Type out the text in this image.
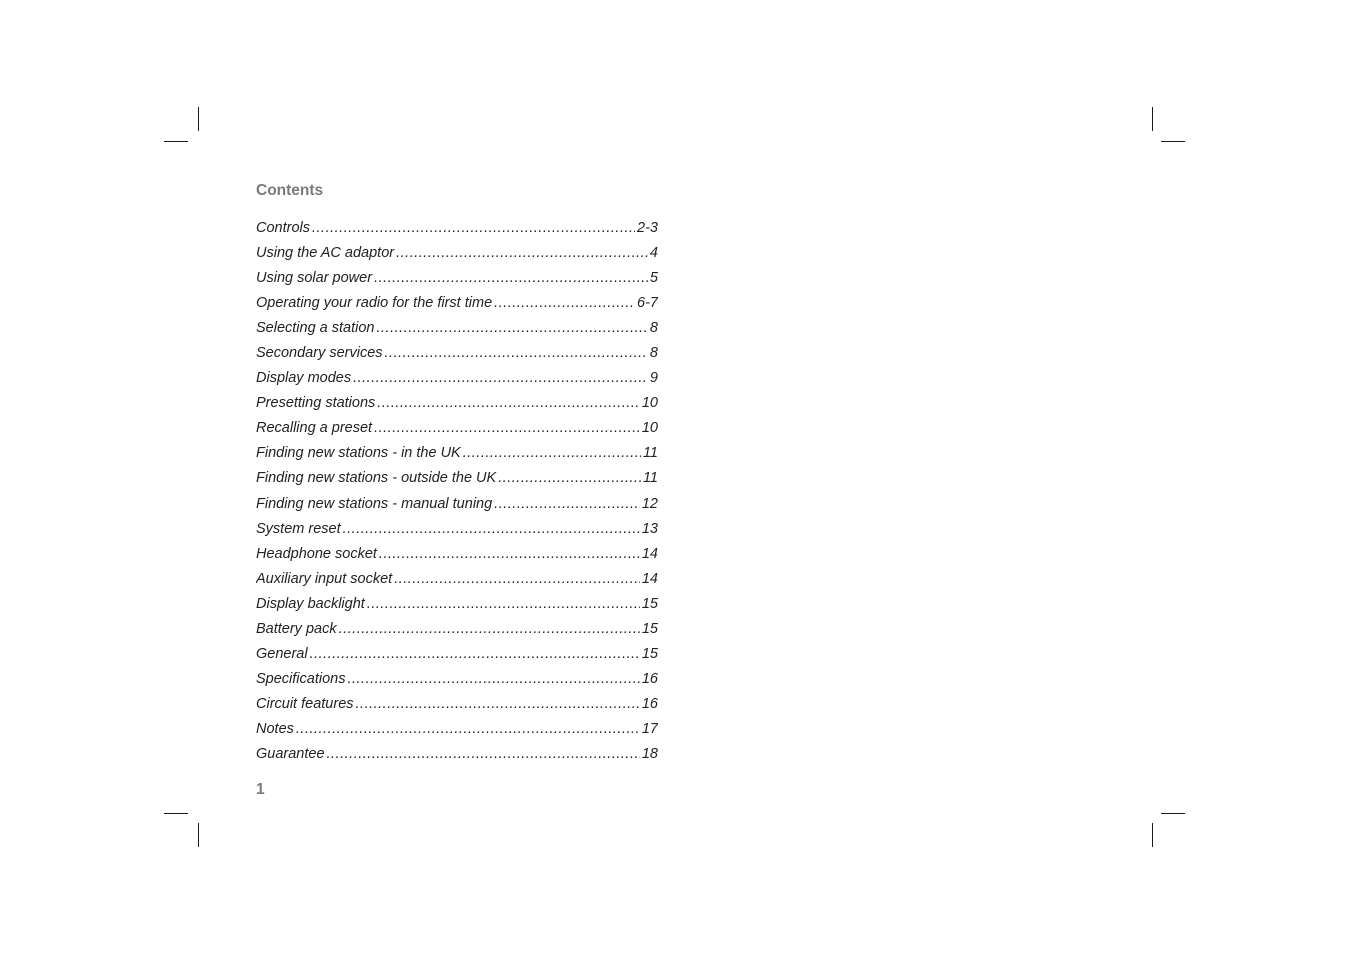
Contents
Controls .....	2-3
Using the AC adaptor .....	4
Using solar power .....	5
Operating your radio for the first time .....	6-7
Selecting a station .....	8
Secondary services .....	8
Display modes .....	9
Presetting stations .....	10
Recalling a preset .....	10
Finding new stations - in the UK .....	11
Finding new stations - outside the UK .....	11
Finding new stations - manual tuning .....	12
System reset .....	13
Headphone socket .....	14
Auxiliary input socket .....	14
Display backlight .....	15
Battery pack .....	15
General .....	15
Specifications .....	16
Circuit features .....	16
Notes .....	17
Guarantee .....	18
1
